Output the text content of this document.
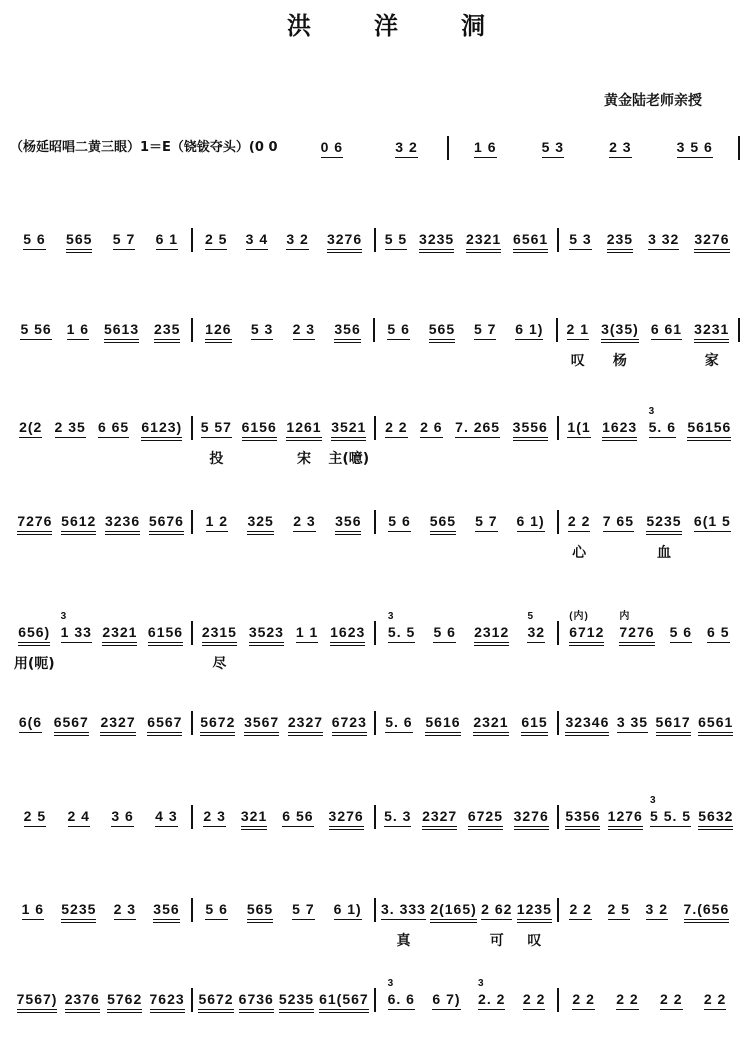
洪洋洞
黄金陆老师亲授
（杨延昭唱二黄三眼）1＝E（铙钹夺头）(0 0	0 6	3 2	1 6	5 3	2 3	3 5 6
5 6 565 5 7 6 1 2 5 3 4 3 2 3276 5 5 3235 2321 6561 5 3 235 3 32 3276
5 56 1 6 5613 235 126 5 3 2 3 356 5 6 565 5 7 6 1) 2 1
叹
3(35)
杨
6 61 3231
家
2(2 2 35 6 65 6123) 5 57
投
6156 1261
宋
3521
主(噫)
2 2 2 6 7. 265 3556 1(1 1623 5. 6
3
56156
7276 5612 3236 5676 1 2 325 2 3 356 5 6 565 5 7 6 1) 2 2
心
7 65 5235
血
6(1 5
656)
用(呃)
1 33
3
2321 6156 2315
尽
3523 1 1 1623 5. 5
3
5 6 2312 32
5
6712
(内)
7276
内
5 6 6 5
6(6 6567 2327 6567 5672 3567 2327 6723 5. 6 5616 2321 615 32346 3 35 5617 6561
2 5 2 4 3 6 4 3 2 3 321 6 56 3276 5. 3 2327 6725 3276 5356 1276 5 5. 5
3
5632
1 6 5235 2 3 356 5 6 565 5 7 6 1) 3. 333
真
2(165) 2 62
可
1235
叹
2 2 2 5 3 2 7.(656
7567) 2376 5762 7623 5672 6736 5235 61(567 6. 6
3
6 7) 2. 2
3
2 2 2 2 2 2 2 2 2 2
